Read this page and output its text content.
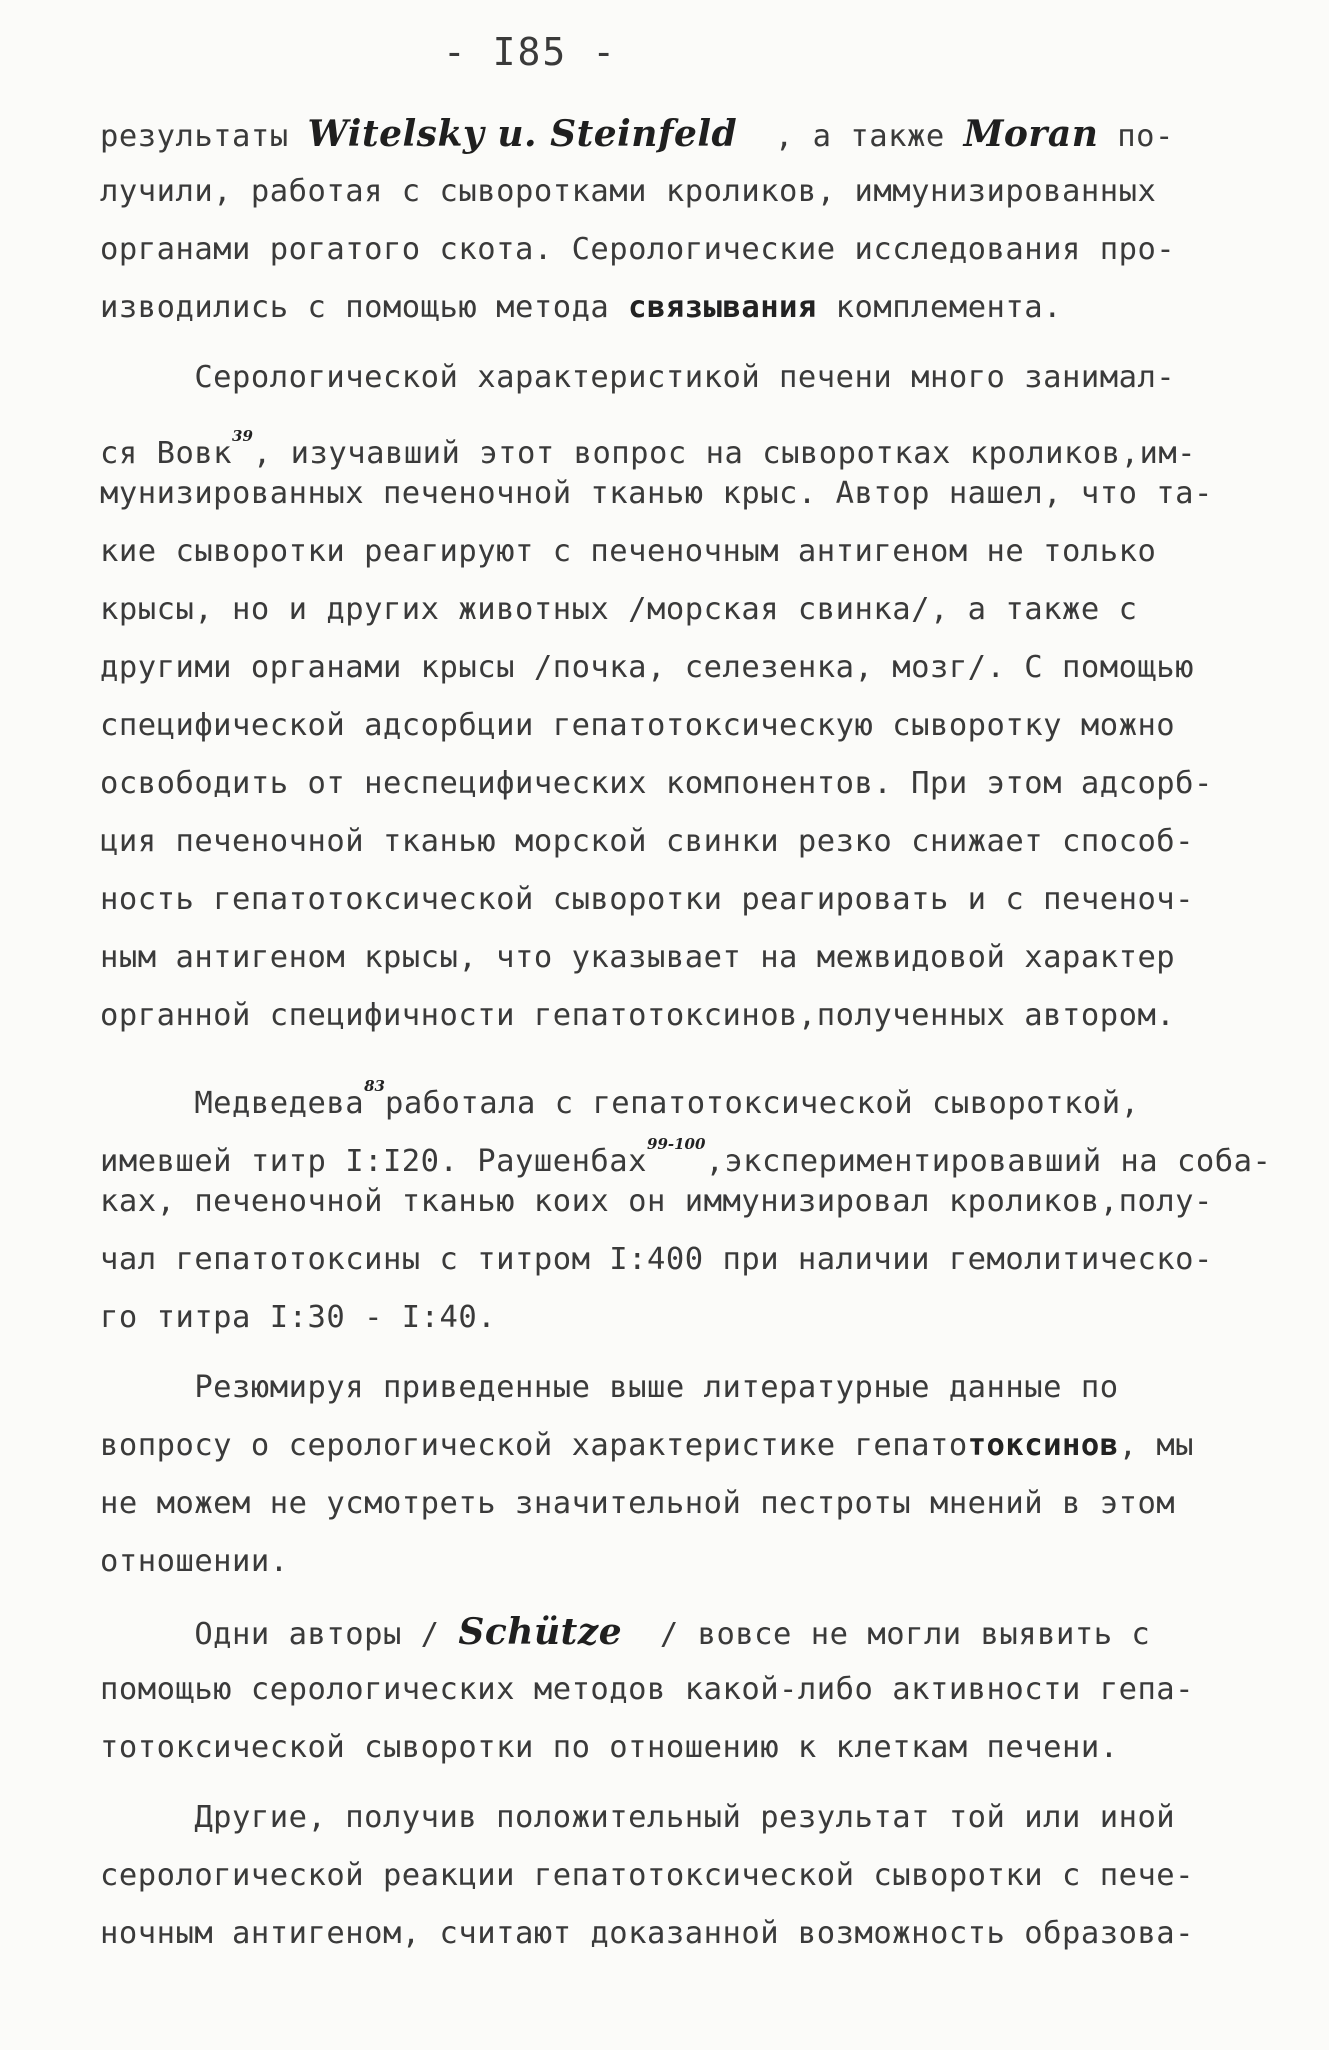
- I85 -
результаты Witelsky u. Steinfeld  , а также Moran по-
лучили, работая с сыворотками кроликов, иммунизированных
органами рогатого скота. Серологические исследования про-
изводились с помощью метода связывания комплемента.
Серологической характеристикой печени много занимал-
ся Вовк$^{39}$, изучавший этот вопрос на сыворотках кроликов,им-
мунизированных печеночной тканью крыс. Автор нашел, что та-
кие сыворотки реагируют с печеночным антигеном не только
крысы, но и других животных /морская свинка/, а также с
другими органами крысы /почка, селезенка, мозг/. С помощью
специфической адсорбции гепатотоксическую сыворотку можно
освободить от неспецифических компонентов. При этом адсорб-
ция печеночной тканью морской свинки резко снижает способ-
ность гепатотоксической сыворотки реагировать и с печеноч-
ным антигеном крысы, что указывает на межвидовой характер
органной специфичности гепатотоксинов,полученных автором.
Медведева$^{83}$работала с гепатотоксической сывороткой,
имевшей титр I:I20. Раушенбах$^{99-100}$,экспериментировавший на соба-
ках, печеночной тканью коих он иммунизировал кроликов,полу-
чал гепатотоксины с титром I:400 при наличии гемолитическо-
го титра I:30 - I:40.
Резюмируя приведенные выше литературные данные по
вопросу о серологической характеристике гепатотоксинов, мы
не можем не усмотреть значительной пестроты мнений в этом
отношении.
Одни авторы / Schütze  / вовсе не могли выявить с
помощью серологических методов какой-либо активности гепа-
тотоксической сыворотки по отношению к клеткам печени.
Другие, получив положительный результат той или иной
серологической реакции гепатотоксической сыворотки с пече-
ночным антигеном, считают доказанной возможность образова-
